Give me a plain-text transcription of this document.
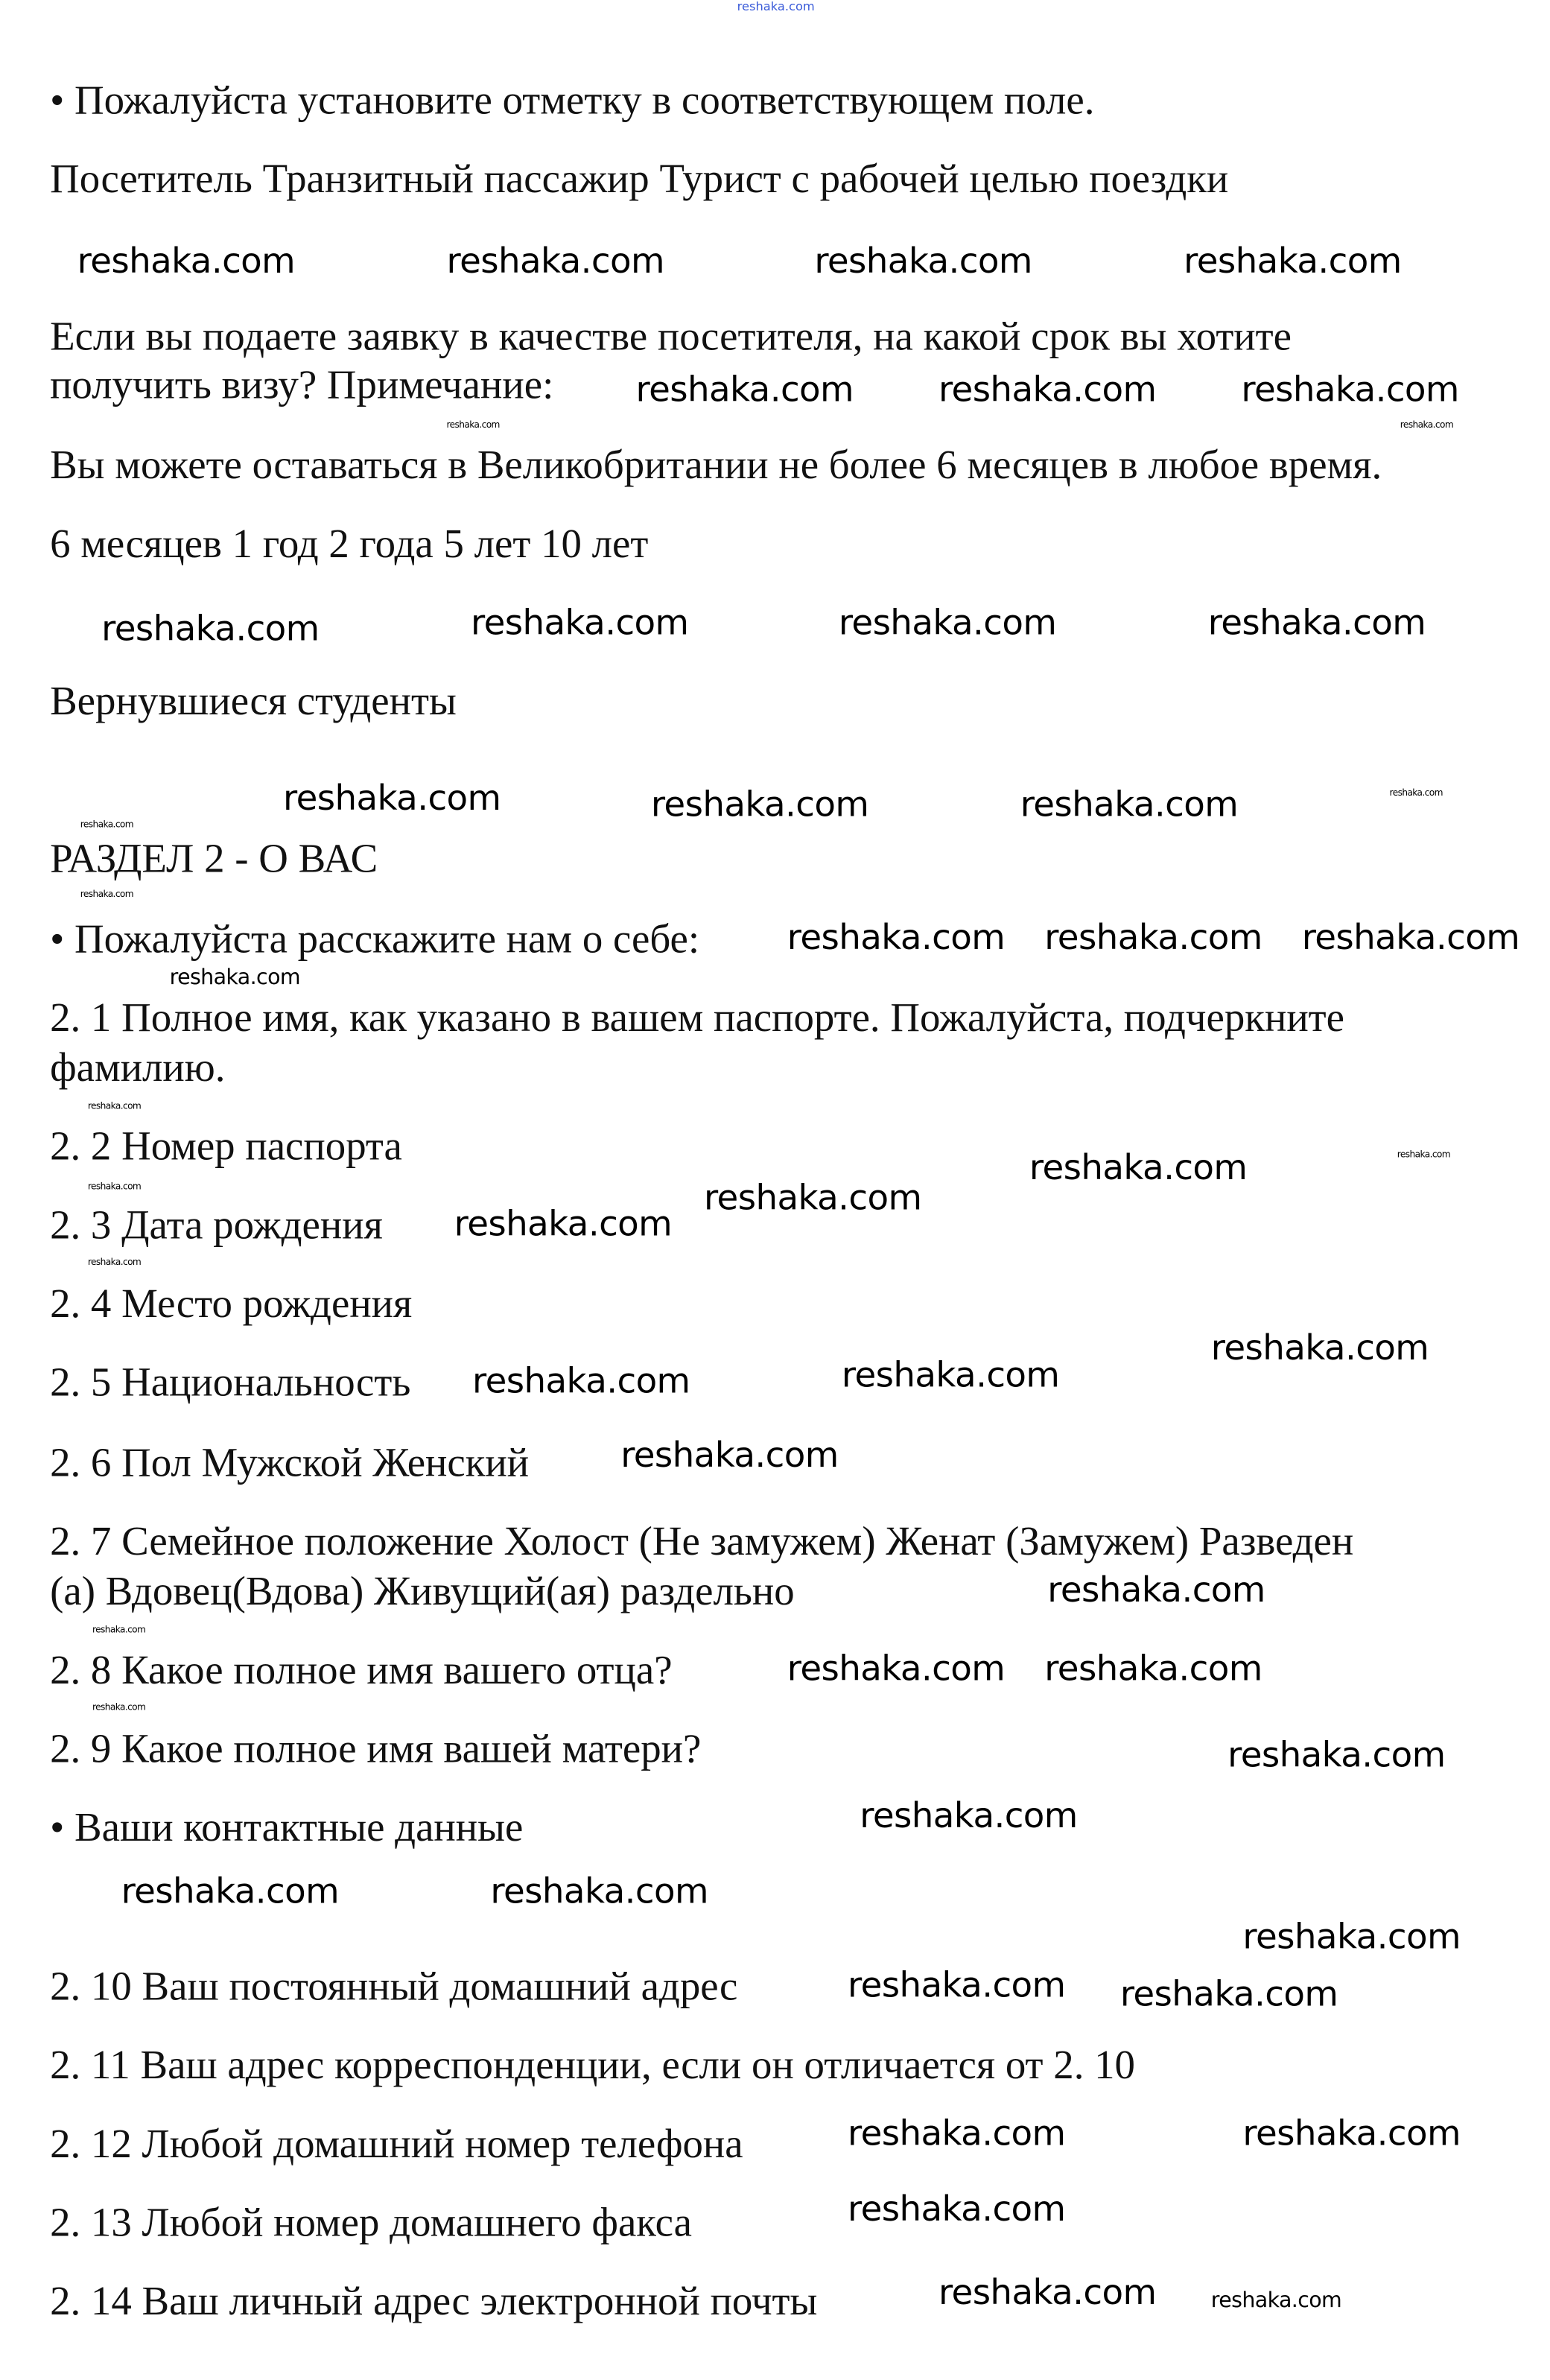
reshaka.com
• Пожалуйста установите отметку в соответствующем поле.
Посетитель Транзитный пассажир Турист с рабочей целью поездки
Если вы подаете заявку в качестве посетителя, на какой срок вы хотите
получить визу? Примечание:
Вы можете оставаться в Великобритании не более 6 месяцев в любое время.
6 месяцев 1 год 2 года 5 лет 10 лет
Вернувшиеся студенты
РАЗДЕЛ 2 - О ВАС
• Пожалуйста расскажите нам о себе:
2. 1 Полное имя, как указано в вашем паспорте. Пожалуйста, подчеркните
фамилию.
2. 2 Номер паспорта
2. 3 Дата рождения
2. 4 Место рождения
2. 5 Национальность
2. 6 Пол Мужской Женский
2. 7 Семейное положение Холост (Не замужем) Женат (Замужем) Разведен
(а) Вдовец(Вдова) Живущий(ая) раздельно
2. 8 Какое полное имя вашего отца?
2. 9 Какое полное имя вашей матери?
• Ваши контактные данные
2. 10 Ваш постоянный домашний адрес
2. 11 Ваш адрес корреспонденции, если он отличается от 2. 10
2. 12 Любой домашний номер телефона
2. 13 Любой номер домашнего факса
2. 14 Ваш личный адрес электронной почты
reshaka.com	reshaka.com	reshaka.com	reshaka.com
reshaka.com	reshaka.com	reshaka.com
reshaka.com	reshaka.com
reshaka.com	reshaka.com	reshaka.com	reshaka.com
reshaka.com	reshaka.com	reshaka.com	reshaka.com
reshaka.com
reshaka.com
reshaka.com reshaka.com reshaka.com
reshaka.com
reshaka.com
reshaka.com	reshaka.com
reshaka.com
reshaka.com
reshaka.com
reshaka.com
reshaka.com
reshaka.com	reshaka.com
reshaka.com
reshaka.com
reshaka.com reshaka.com
reshaka.com
reshaka.com
reshaka.com
reshaka.com
reshaka.com	reshaka.com
reshaka.com
reshaka.com	reshaka.com
reshaka.com	reshaka.com
reshaka.com
reshaka.com	reshaka.com
